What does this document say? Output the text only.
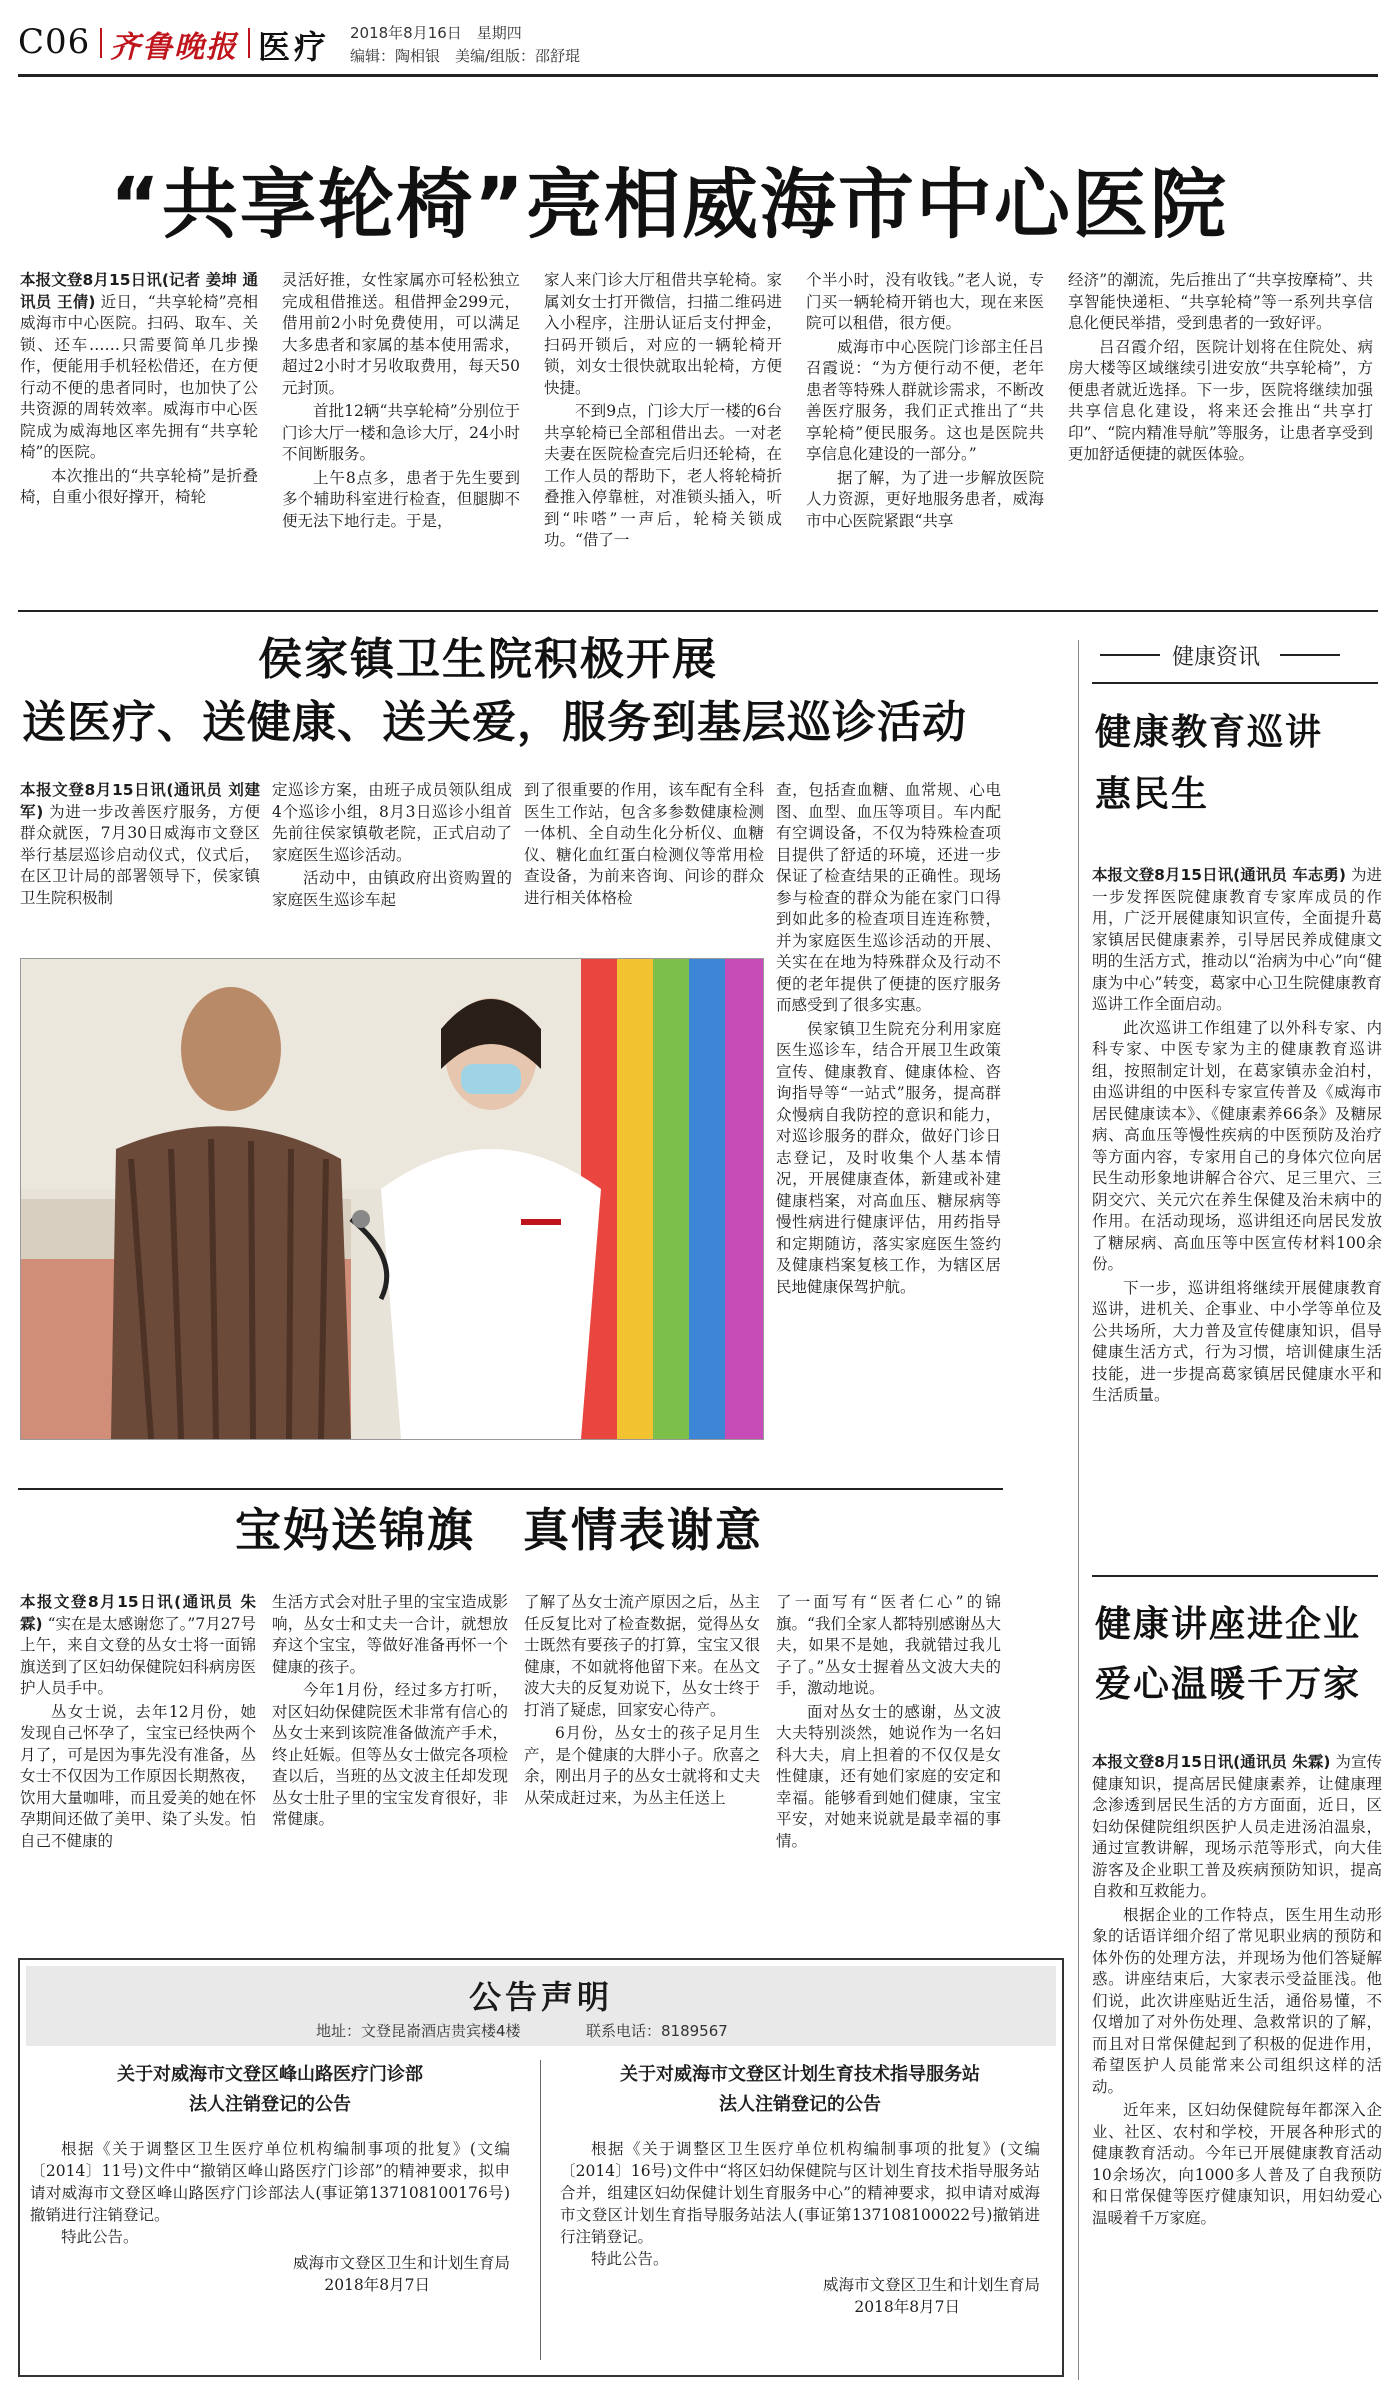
C06 齐鲁晚报 医疗 2018年8月16日　星期四
编辑：陶相银　美编/组版：邵舒琨
“共享轮椅”亮相威海市中心医院

本报文登8月15日讯(记者 姜坤 通讯员 王倩) 近日，“共享轮椅”亮相威海市中心医院。扫码、取车、关锁、还车……只需要简单几步操作，便能用手机轻松借还，在方便行动不便的患者同时，也加快了公共资源的周转效率。威海市中心医院成为威海地区率先拥有“共享轮椅”的医院。

本次推出的“共享轮椅”是折叠椅，自重小很好撑开，椅轮

灵活好推，女性家属亦可轻松独立完成租借推送。租借押金299元，借用前2小时免费使用，可以满足大多患者和家属的基本使用需求，超过2小时才另收取费用，每天50元封顶。

首批12辆“共享轮椅”分别位于门诊大厅一楼和急诊大厅，24小时不间断服务。

上午8点多，患者于先生要到多个辅助科室进行检查，但腿脚不便无法下地行走。于是，

家人来门诊大厅租借共享轮椅。家属刘女士打开微信，扫描二维码进入小程序，注册认证后支付押金，扫码开锁后，对应的一辆轮椅开锁，刘女士很快就取出轮椅，方便快捷。

不到9点，门诊大厅一楼的6台共享轮椅已全部租借出去。一对老夫妻在医院检查完后归还轮椅，在工作人员的帮助下，老人将轮椅折叠推入停靠桩，对准锁头插入，听到“咔嗒”一声后，轮椅关锁成功。“借了一

个半小时，没有收钱。”老人说，专门买一辆轮椅开销也大，现在来医院可以租借，很方便。

威海市中心医院门诊部主任吕召霞说：“为方便行动不便，老年患者等特殊人群就诊需求，不断改善医疗服务，我们正式推出了“共享轮椅”便民服务。这也是医院共享信息化建设的一部分。”

据了解，为了进一步解放医院人力资源，更好地服务患者，威海市中心医院紧跟“共享

经济”的潮流，先后推出了“共享按摩椅”、共享智能快递柜、“共享轮椅”等一系列共享信息化便民举措，受到患者的一致好评。

吕召霞介绍，医院计划将在住院处、病房大楼等区域继续引进安放“共享轮椅”，方便患者就近选择。下一步，医院将继续加强共享信息化建设，将来还会推出“共享打印”、“院内精准导航”等服务，让患者享受到更加舒适便捷的就医体验。

侯家镇卫生院积极开展
送医疗、送健康、送关爱，服务到基层巡诊活动

本报文登8月15日讯(通讯员 刘建军) 为进一步改善医疗服务，方便群众就医，7月30日威海市文登区举行基层巡诊启动仪式，仪式后，在区卫计局的部署领导下，侯家镇卫生院积极制

定巡诊方案，由班子成员领队组成4个巡诊小组，8月3日巡诊小组首先前往侯家镇敬老院，正式启动了家庭医生巡诊活动。

活动中，由镇政府出资购置的家庭医生巡诊车起

到了很重要的作用，该车配有全科医生工作站，包含多参数健康检测一体机、全自动生化分析仪、血糖仪、糖化血红蛋白检测仪等常用检查设备，为前来咨询、问诊的群众进行相关体格检

查，包括查血糖、血常规、心电图、血型、血压等项目。车内配有空调设备，不仅为特殊检查项目提供了舒适的环境，还进一步保证了检查结果的正确性。现场参与检查的群众为能在家门口得到如此多的检查项目连连称赞，并为家庭医生巡诊活动的开展、关实在在地为特殊群众及行动不便的老年提供了便捷的医疗服务而感受到了很多实惠。

侯家镇卫生院充分利用家庭医生巡诊车，结合开展卫生政策宣传、健康教育、健康体检、咨询指导等“一站式”服务，提高群众慢病自我防控的意识和能力，对巡诊服务的群众，做好门诊日志登记，及时收集个人基本情况，开展健康查体，新建或补建健康档案，对高血压、糖尿病等慢性病进行健康评估，用药指导和定期随访，落实家庭医生签约及健康档案复核工作，为辖区居民地健康保驾护航。

宝妈送锦旗　真情表谢意

本报文登8月15日讯(通讯员 朱霖) “实在是太感谢您了。”7月27号上午，来自文登的丛女士将一面锦旗送到了区妇幼保健院妇科病房医护人员手中。

丛女士说，去年12月份，她发现自己怀孕了，宝宝已经快两个月了，可是因为事先没有准备，丛女士不仅因为工作原因长期熬夜，饮用大量咖啡，而且爱美的她在怀孕期间还做了美甲、染了头发。怕自己不健康的

生活方式会对肚子里的宝宝造成影响，丛女士和丈夫一合计，就想放弃这个宝宝，等做好准备再怀一个健康的孩子。

今年1月份，经过多方打听，对区妇幼保健院医术非常有信心的丛女士来到该院准备做流产手术，终止妊娠。但等丛女士做完各项检查以后，当班的丛文波主任却发现丛女士肚子里的宝宝发育很好，非常健康。

了解了丛女士流产原因之后，丛主任反复比对了检查数据，觉得丛女士既然有要孩子的打算，宝宝又很健康，不如就将他留下来。在丛文波大夫的反复劝说下，丛女士终于打消了疑虑，回家安心待产。

6月份，丛女士的孩子足月生产，是个健康的大胖小子。欣喜之余，刚出月子的丛女士就将和丈夫从荣成赶过来，为丛主任送上

了一面写有“医者仁心”的锦旗。“我们全家人都特别感谢丛大夫，如果不是她，我就错过我儿子了。”丛女士握着丛文波大夫的手，激动地说。

面对丛女士的感谢，丛文波大夫特别淡然，她说作为一名妇科大夫，肩上担着的不仅仅是女性健康，还有她们家庭的安定和幸福。能够看到她们健康，宝宝平安，对她来说就是最幸福的事情。

健康资讯
健康教育巡讲
惠民生

本报文登8月15日讯(通讯员 车志勇) 为进一步发挥医院健康教育专家库成员的作用，广泛开展健康知识宣传，全面提升葛家镇居民健康素养，引导居民养成健康文明的生活方式，推动以“治病为中心”向“健康为中心”转变，葛家中心卫生院健康教育巡讲工作全面启动。

此次巡讲工作组建了以外科专家、内科专家、中医专家为主的健康教育巡讲组，按照制定计划，在葛家镇赤金泊村，由巡讲组的中医科专家宣传普及《威海市居民健康读本》、《健康素养66条》及糖尿病、高血压等慢性疾病的中医预防及治疗等方面内容，专家用自己的身体穴位向居民生动形象地讲解合谷穴、足三里穴、三阴交穴、关元穴在养生保健及治未病中的作用。在活动现场，巡讲组还向居民发放了糖尿病、高血压等中医宣传材料100余份。

下一步，巡讲组将继续开展健康教育巡讲，进机关、企事业、中小学等单位及公共场所，大力普及宣传健康知识，倡导健康生活方式，行为习惯，培训健康生活技能，进一步提高葛家镇居民健康水平和生活质量。

健康讲座进企业
爱心温暖千万家

本报文登8月15日讯(通讯员 朱霖) 为宣传健康知识，提高居民健康素养，让健康理念渗透到居民生活的方方面面，近日，区妇幼保健院组织医护人员走进汤泊温泉，通过宣教讲解，现场示范等形式，向大佳游客及企业职工普及疾病预防知识，提高自救和互救能力。

根据企业的工作特点，医生用生动形象的话语详细介绍了常见职业病的预防和体外伤的处理方法，并现场为他们答疑解惑。讲座结束后，大家表示受益匪浅。他们说，此次讲座贴近生活，通俗易懂，不仅增加了对外伤处理、急救常识的了解，而且对日常保健起到了积极的促进作用，希望医护人员能常来公司组织这样的活动。

近年来，区妇幼保健院每年都深入企业、社区、农村和学校，开展各种形式的健康教育活动。今年已开展健康教育活动10余场次，向1000多人普及了自我预防和日常保健等医疗健康知识，用妇幼爱心温暖着千万家庭。

公告声明
地址：文登昆嵛酒店贵宾楼4楼	联系电话：8189567
关于对威海市文登区峰山路医疗门诊部
法人注销登记的公告
根据《关于调整区卫生医疗单位机构编制事项的批复》(文编〔2014〕11号)文件中“撤销区峰山路医疗门诊部”的精神要求，拟申请对威海市文登区峰山路医疗门诊部法人(事证第137108100176号)撤销进行注销登记。
特此公告。
威海市文登区卫生和计划生育局
2018年8月7日
关于对威海市文登区计划生育技术指导服务站
法人注销登记的公告
根据《关于调整区卫生医疗单位机构编制事项的批复》(文编〔2014〕16号)文件中“将区妇幼保健院与区计划生育技术指导服务站合并，组建区妇幼保健计划生育服务中心”的精神要求，拟申请对威海市文登区计划生育指导服务站法人(事证第137108100022号)撤销进行注销登记。
特此公告。
威海市文登区卫生和计划生育局
2018年8月7日
